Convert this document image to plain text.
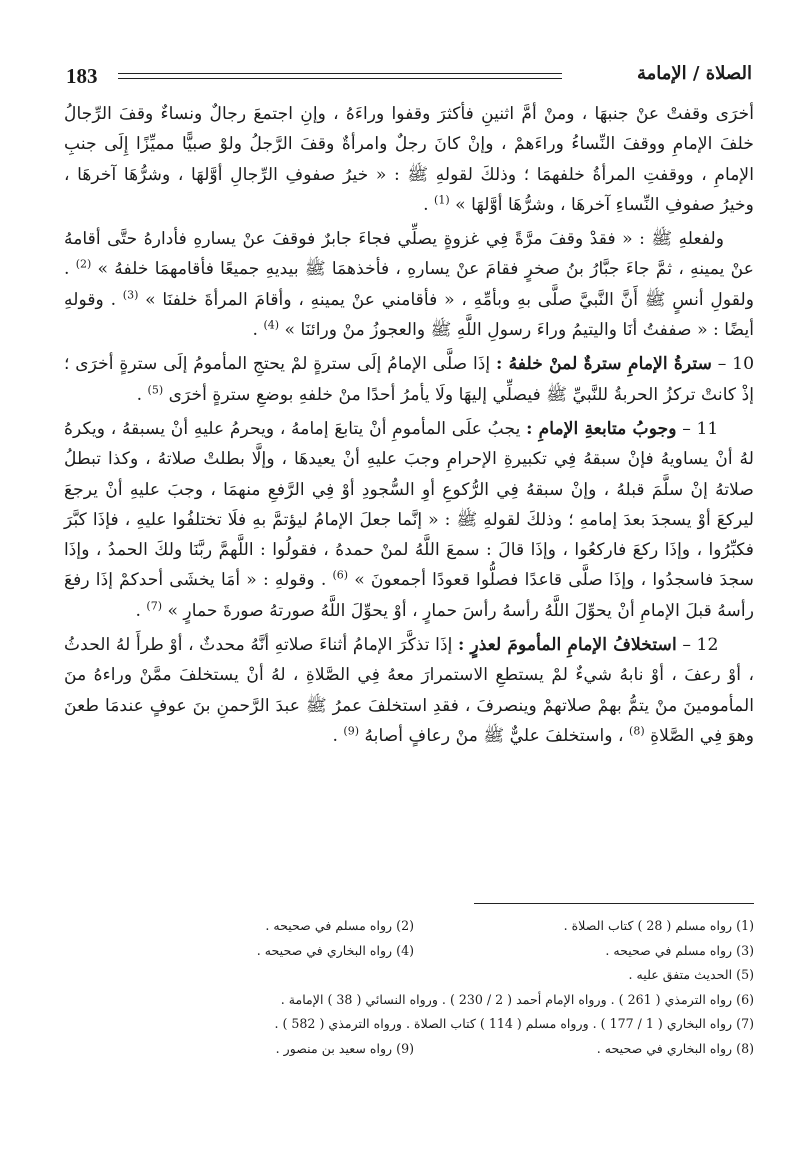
183	الصلاة / الإمامة

أخرَى وقفتْ عنْ جنبهَا ، ومنْ أمَّ اثنينِ فأكثرَ وقفوا وراءَهُ ، وإنِ اجتمعَ رجالٌ ونساءٌ وقفَ الرِّجالُ خلفَ الإمامِ ووقفَ النِّساءُ وراءَهمْ ، وإنْ كانَ رجلٌ وامرأةٌ وقفَ الرَّجلُ ولوْ صبيًّا مميِّزًا إِلَى جنبِ الإمامِ ، ووقفتِ المرأةُ خلفهمَا ؛ وذلكَ لقولهِ ﷺ : « خيرُ صفوفِ الرِّجالِ أوَّلهَا ، وشرُّهَا آخرهَا ، وخيرُ صفوفِ النِّساءِ آخرهَا ، وشرُّهَا أوَّلهَا » $^{(1)}$ .

ولفعلهِ ﷺ : « فقدْ وقفَ مرَّةً فِي غزوةٍ يصلِّي فجاءَ جابرٌ فوقفَ عنْ يسارهِ فأدارهُ حتَّى أقامهُ عنْ يمينهِ ، ثمَّ جاءَ جبَّارُ بنُ صخرٍ فقامَ عنْ يسارهِ ، فأخذهمَا ﷺ بيديهِ جميعًا فأقامهمَا خلفهُ » $^{(2)}$ . ولقولِ أنسٍ ﷺ أَنَّ النَّبيَّ صلَّى بهِ وبأمِّهِ ، « فأقامني عنْ يمينهِ ، وأقامَ المرأةَ خلفنَا » $^{(3)}$ . وقولهِ أيضًا : « صففتُ أنَا واليتيمُ وراءَ رسولِ اللَّهِ ﷺ والعجوزُ منْ ورائنَا » $^{(4)}$ .

10 – سترةُ الإمامِ سترةٌ لمنْ خلفهُ : إذَا صلَّى الإمامُ إلَى سترةٍ لمْ يحتجِ المأمومُ إلَى سترةٍ أخرَى ؛ إذْ كانتْ تركزُ الحربةُ للنَّبيِّ ﷺ فيصلِّي إليهَا ولَا يأمرُ أحدًا منْ خلفهِ بوضعِ سترةٍ أخرَى $^{(5)}$ .

11 – وجوبُ متابعةِ الإمامِ : يجبُ علَى المأمومِ أنْ يتابعَ إمامهُ ، ويحرمُ عليهِ أنْ يسبقهُ ، ويكرهُ لهُ أنْ يساويهُ فإنْ سبقهُ فِي تكبيرةِ الإحرامِ وجبَ عليهِ أنْ يعيدهَا ، وإلَّا بطلتْ صلاتهُ ، وكذا تبطلُ صلاتهُ إنْ سلَّمَ قبلهُ ، وإنْ سبقهُ فِي الرُّكوعِ أوِ السُّجودِ أوْ فِي الرَّفعِ منهمَا ، وجبَ عليهِ أنْ يرجعَ ليركعَ أوْ يسجدَ بعدَ إمامهِ ؛ وذلكَ لقولهِ ﷺ : « إنَّما جعلَ الإمامُ ليؤتمَّ بهِ فلَا تختلفُوا عليهِ ، فإذَا كبَّرَ فكبِّرُوا ، وإذَا ركعَ فاركعُوا ، وإذَا قالَ : سمعَ اللَّهُ لمنْ حمدهُ ، فقولُوا : اللَّهمَّ ربَّنَا ولكَ الحمدُ ، وإذَا سجدَ فاسجدُوا ، وإذَا صلَّى قاعدًا فصلُّوا قعودًا أجمعونَ » $^{(6)}$ . وقولهِ : « أمَا يخشَى أحدكمْ إذَا رفعَ رأسهُ قبلَ الإمامِ أنْ يحوِّلَ اللَّهُ رأسهُ رأسَ حمارٍ ، أوْ يحوِّلَ اللَّهُ صورتهُ صورةَ حمارٍ » $^{(7)}$ .

12 – استخلافُ الإمامِ المأمومَ لعذرٍ : إذَا تذكَّرَ الإمامُ أثناءَ صلاتهِ أنَّهُ محدثٌ ، أوْ طرأَ لهُ الحدثُ ، أوْ رعفَ ، أوْ نابهُ شيءٌ لمْ يستطعِ الاستمرارَ معهُ فِي الصَّلاةِ ، لهُ أنْ يستخلفَ ممَّنْ وراءهُ منَ المأمومينَ منْ يتمُّ بهمْ صلاتهمْ وينصرفَ ، فقدِ استخلفَ عمرُ ﷺ عبدَ الرَّحمنِ بنَ عوفٍ عندمَا طعنَ وهوَ فِي الصَّلاةِ $^{(8)}$ ، واستخلفَ عليٌّ ﷺ منْ رعافٍ أصابهُ $^{(9)}$ .

(1) رواه مسلم ( 28 ) كتاب الصلاة .
(2) رواه مسلم في صحيحه .
(3) رواه مسلم في صحيحه .
(4) رواه البخاري في صحيحه .
(5) الحديث متفق عليه .
(6) رواه الترمذي ( 261 ) . ورواه الإمام أحمد ( 2 / 230 ) . ورواه النسائي ( 38 ) الإمامة .
(7) رواه البخاري ( 1 / 177 ) . ورواه مسلم ( 114 ) كتاب الصلاة . ورواه الترمذي ( 582 ) .
(8) رواه البخاري في صحيحه .
(9) رواه سعيد بن منصور .
